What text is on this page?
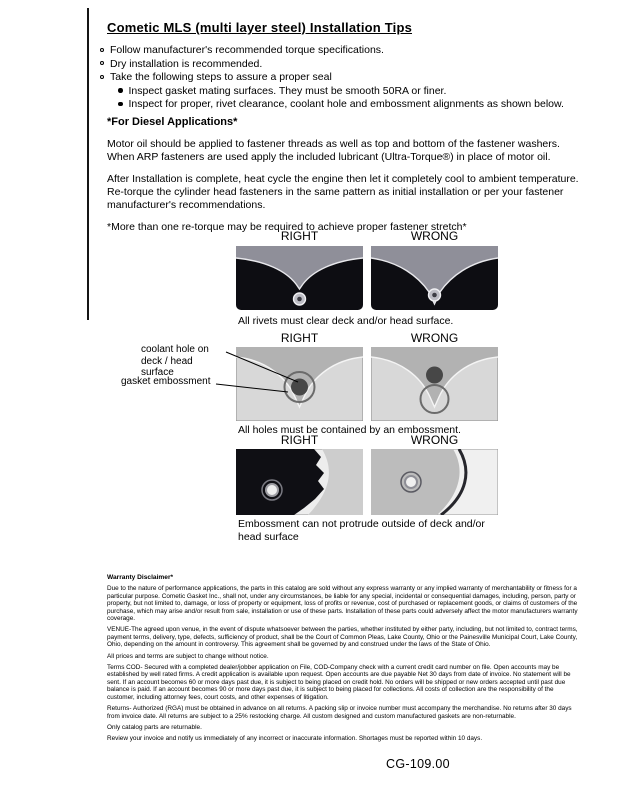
Cometic MLS (multi layer steel) Installation Tips
Follow manufacturer's recommended torque specifications.
Dry installation is recommended.
Take the following steps to assure a proper seal
Inspect gasket mating surfaces. They must be smooth 50RA or finer.
Inspect for proper, rivet clearance, coolant hole and embossment alignments as shown below.
*For Diesel Applications*

Motor oil should be applied to fastener threads as well as top and bottom of the fastener washers. When ARP fasteners are used apply the included lubricant (Ultra-Torque®) in place of motor oil.

After Installation is complete, heat cycle the engine then let it completely cool to ambient temperature. Re-torque the cylinder head fasteners in the same pattern as initial installation or per your fastener manufacturer's recommendations.

*More than one re-torque may be required to achieve proper fastener stretch*

RIGHT	WRONG
All rivets must clear deck and/or head surface.
RIGHT	WRONG
coolant hole on deck / head surface
gasket embossment
All holes must be contained by an embossment.
RIGHT	WRONG
Embossment can not protrude outside of deck and/or head surface
Warranty Disclaimer*

Due to the nature of performance applications, the parts in this catalog are sold without any express warranty or any implied warranty of merchantability or fitness for a particular purpose. Cometic Gasket Inc., shall not, under any circumstances, be liable for any special, incidental or consequential damages, including, person, party or property, but not limited to, damage, or loss of property or equipment, loss of profits or revenue, cost of purchased or replacement goods, or claims of customers of the purchase, which may arise and/or result from sale, installation or use of these parts. Installation of these parts could adversely affect the motor manufacturers warranty coverage.

VENUE-The agreed upon venue, in the event of dispute whatsoever between the parties, whether instituted by either party, including, but not limited to, contract terms, payment terms, delivery, type, defects, sufficiency of product, shall be the Court of Common Pleas, Lake County, Ohio or the Painesville Municipal Court, Lake County, Ohio, depending on the amount in controversy. This agreement shall be governed by and construed under the laws of the State of Ohio.

All prices and terms are subject to change without notice.

Terms COD- Secured with a completed dealer/jobber application on File, COD-Company check with a current credit card number on file. Open accounts may be established by well rated firms. A credit application is available upon request. Open accounts are due payable Net 30 days from date of invoice. No statement will be sent. If an account becomes 60 or more days past due, it is subject to being placed on credit hold. No orders will be shipped or new orders accepted until past due balance is paid. If an account becomes 90 or more days past due, it is subject to being placed for collections. All costs of collection are the responsibility of the customer, including attorney fees, court costs, and other expenses of litigation.

Returns- Authorized (RGA) must be obtained in advance on all returns. A packing slip or invoice number must accompany the merchandise. No returns after 30 days from invoice date. All returns are subject to a 25% restocking charge. All custom designed and custom manufactured gaskets are non-returnable.

Only catalog parts are returnable.

Review your invoice and notify us immediately of any incorrect or inaccurate information. Shortages must be reported within 10 days.

CG-109.00
